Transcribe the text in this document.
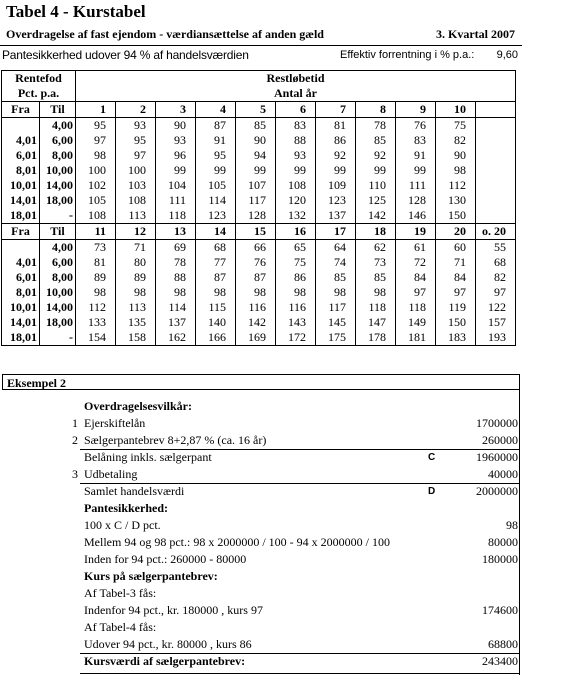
Tabel 4 - Kurstabel
Overdragelse af fast ejendom - værdiansættelse af anden gæld	3. Kvartal 2007
Pantesikkerhed udover 94 % af handelsværdien	Effektiv forrentning i % p.a.:	9,60
Rentefod		Restløbetid										
Pct. p.a.		Antal år										
Fra	Til	1	2	3	4	5	6	7	8	9	10	
	4,00	95	93	90	87	85	83	81	78	76	75	
4,01	6,00	97	95	93	91	90	88	86	85	83	82	
6,01	8,00	98	97	96	95	94	93	92	92	91	90	
8,01	10,00	100	100	99	99	99	99	99	99	99	98	
10,01	14,00	102	103	104	105	107	108	109	110	111	112	
14,01	18,00	105	108	111	114	117	120	123	125	128	130	
18,01	-	108	113	118	123	128	132	137	142	146	150	
Fra	Til	11	12	13	14	15	16	17	18	19	20	o. 20
	4,00	73	71	69	68	66	65	64	62	61	60	55
4,01	6,00	81	80	78	77	76	75	74	73	72	71	68
6,01	8,00	89	89	88	87	87	86	85	85	84	84	82
8,01	10,00	98	98	98	98	98	98	98	98	97	97	97
10,01	14,00	112	113	114	115	116	116	117	118	118	119	122
14,01	18,00	133	135	137	140	142	143	145	147	149	150	157
18,01	-	154	158	162	166	169	172	175	178	181	183	193
Eksempel 2
Overdragelsesvilkår:
1 Ejerskiftelån	1700000
2 Sælgerpantebrev 8+2,87 % (ca. 16 år)	260000
Belåning inkls. sælgerpant	C	1960000
3 Udbetaling	40000
Samlet handelsværdi	D	2000000
Pantesikkerhed:
100 x C / D pct.	98
Mellem 94 og 98 pct.: 98 x 2000000 / 100 - 94 x 2000000 / 100	80000
Inden for 94 pct.: 260000 - 80000	180000
Kurs på sælgerpantebrev:
Af Tabel-3 fås:
Indenfor 94 pct., kr. 180000 , kurs 97	174600
Af Tabel-4 fås:
Udover 94 pct., kr. 80000 , kurs 86	68800
Kursværdi af sælgerpantebrev:	243400
